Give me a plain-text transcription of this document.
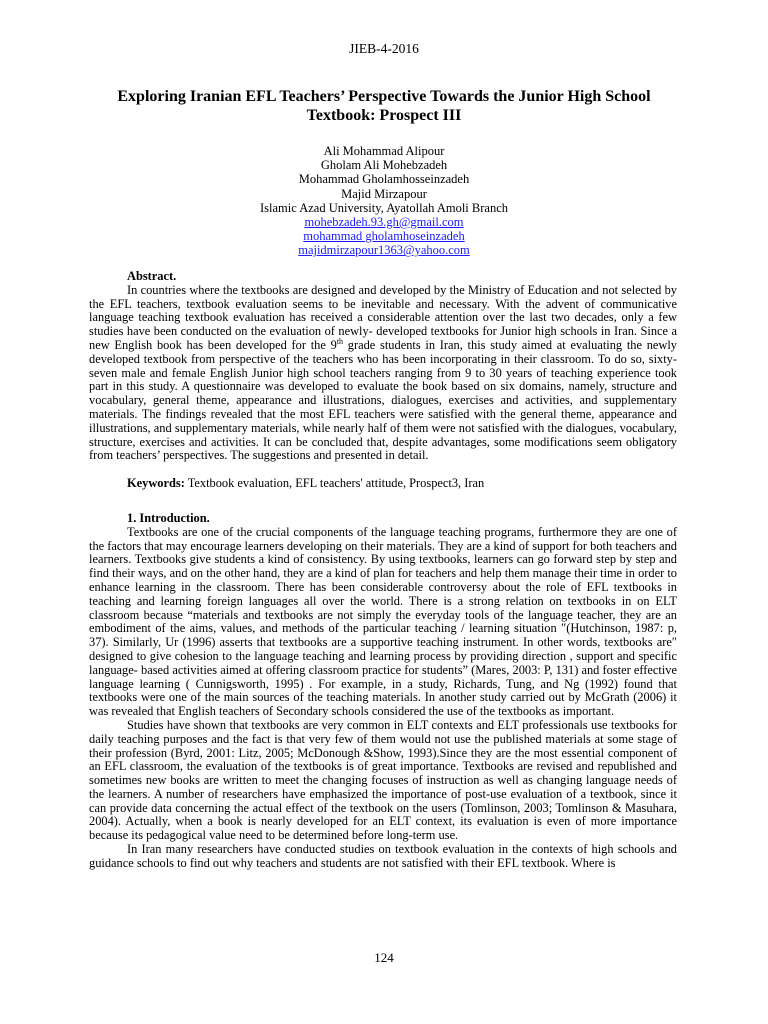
JIEB-4-2016
Exploring Iranian EFL Teachers’ Perspective Towards the Junior High School Textbook: Prospect III
Ali Mohammad Alipour
Gholam Ali Mohebzadeh
Mohammad Gholamhosseinzadeh
Majid Mirzapour
Islamic Azad University, Ayatollah Amoli Branch
mohebzadeh.93.gh@gmail.com
mohammad gholamhoseinzadeh
majidmirzapour1363@yahoo.com
Abstract.

In countries where the textbooks are designed and developed by the Ministry of Education and not selected by the EFL teachers, textbook evaluation seems to be inevitable and necessary. With the advent of communicative language teaching textbook evaluation has received a considerable attention over the last two decades, only a few studies have been conducted on the evaluation of newly- developed textbooks for Junior high schools in Iran. Since a new English book has been developed for the 9th grade students in Iran, this study aimed at evaluating the newly developed textbook from perspective of the teachers who has been incorporating in their classroom. To do so, sixty- seven male and female English Junior high school teachers ranging from 9 to 30 years of teaching experience took part in this study. A questionnaire was developed to evaluate the book based on six domains, namely, structure and vocabulary, general theme, appearance and illustrations, dialogues, exercises and activities, and supplementary materials. The findings revealed that the most EFL teachers were satisfied with the general theme, appearance and illustrations, and supplementary materials, while nearly half of them were not satisfied with the dialogues, vocabulary, structure, exercises and activities. It can be concluded that, despite advantages, some modifications seem obligatory from teachers’ perspectives. The suggestions and presented in detail.

Keywords: Textbook evaluation, EFL teachers' attitude, Prospect3, Iran

1. Introduction.

Textbooks are one of the crucial components of the language teaching programs, furthermore they are one of the factors that may encourage learners developing on their materials. They are a kind of support for both teachers and learners. Textbooks give students a kind of consistency. By using textbooks, learners can go forward step by step and find their ways, and on the other hand, they are a kind of plan for teachers and help them manage their time in order to enhance learning in the classroom. There has been considerable controversy about the role of EFL textbooks in teaching and learning foreign languages all over the world. There is a strong relation on textbooks in on ELT classroom because “materials and textbooks are not simply the everyday tools of the language teacher, they are an embodiment of the aims, values, and methods of the particular teaching / learning situation ″(Hutchinson, 1987: p, 37). Similarly, Ur (1996) asserts that textbooks are a supportive teaching instrument. In other words, textbooks are″ designed to give cohesion to the language teaching and learning process by providing direction , support and specific language- based activities aimed at offering classroom practice for students” (Mares, 2003: P, 131) and foster effective language learning ( Cunnigsworth, 1995) . For example, in a study, Richards, Tung, and Ng (1992) found that textbooks were one of the main sources of the teaching materials. In another study carried out by McGrath (2006) it was revealed that English teachers of Secondary schools considered the use of the textbooks as important.

Studies have shown that textbooks are very common in ELT contexts and ELT professionals use textbooks for daily teaching purposes and the fact is that very few of them would not use the published materials at some stage of their profession (Byrd, 2001: Litz, 2005; McDonough &Show, 1993).Since they are the most essential component of an EFL classroom, the evaluation of the textbooks is of great importance. Textbooks are revised and republished and sometimes new books are written to meet the changing focuses of instruction as well as changing language needs of the learners. A number of researchers have emphasized the importance of post-use evaluation of a textbook, since it can provide data concerning the actual effect of the textbook on the users (Tomlinson, 2003; Tomlinson & Masuhara, 2004). Actually, when a book is nearly developed for an ELT context, its evaluation is even of more importance because its pedagogical value need to be determined before long-term use.

In Iran many researchers have conducted studies on textbook evaluation in the contexts of high schools and guidance schools to find out why teachers and students are not satisfied with their EFL textbook. Where is

124
